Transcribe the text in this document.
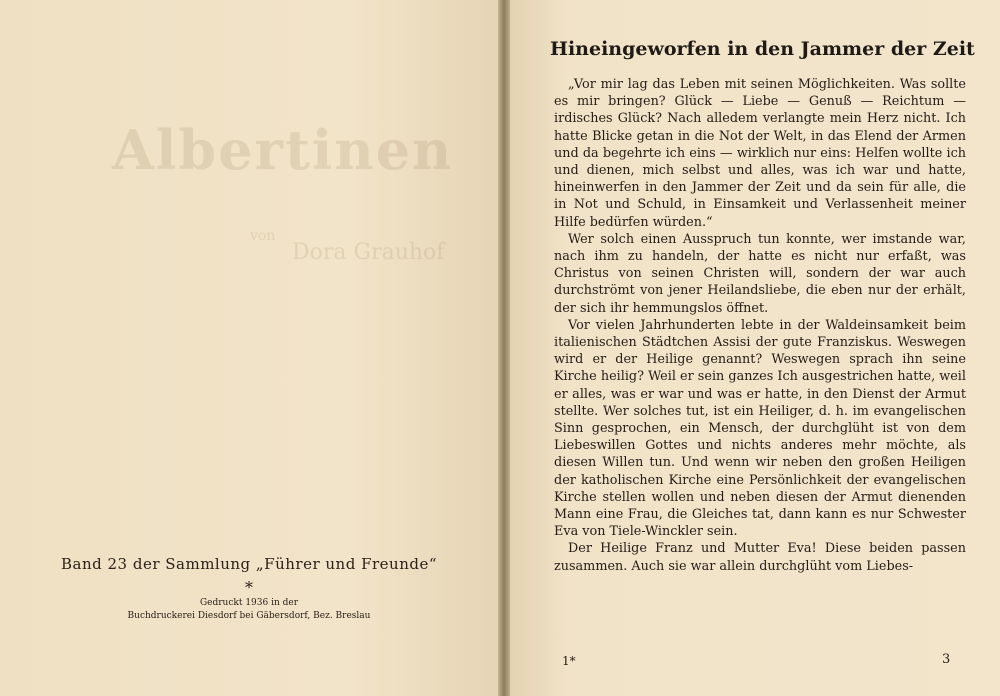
Albertinen
von
Dora Grauhof
Band 23 der Sammlung „Führer und Freunde“
*
Gedruckt 1936 in der
Buchdruckerei Diesdorf bei Gäbersdorf, Bez. Breslau
Hineingeworfen in den Jammer der Zeit

„Vor mir lag das Leben mit seinen Möglichkeiten. Was sollte es mir bringen? Glück — Liebe — Genuß — Reichtum — irdisches Glück? Nach alledem verlangte mein Herz nicht. Ich hatte Blicke getan in die Not der Welt, in das Elend der Armen und da begehrte ich eins — wirklich nur eins: Helfen wollte ich und dienen, mich selbst und alles, was ich war und hatte, hineinwerfen in den Jammer der Zeit und da sein für alle, die in Not und Schuld, in Einsamkeit und Verlassenheit meiner Hilfe bedürfen würden.“

Wer solch einen Ausspruch tun konnte, wer imstande war, nach ihm zu handeln, der hatte es nicht nur erfaßt, was Christus von seinen Christen will, sondern der war auch durchströmt von jener Heilandsliebe, die eben nur der erhält, der sich ihr hemmungslos öffnet.

Vor vielen Jahrhunderten lebte in der Waldeinsamkeit beim italienischen Städtchen Assisi der gute Franziskus. Weswegen wird er der Heilige genannt? Weswegen sprach ihn seine Kirche heilig? Weil er sein ganzes Ich ausgestrichen hatte, weil er alles, was er war und was er hatte, in den Dienst der Armut stellte. Wer solches tut, ist ein Heiliger, d. h. im evangelischen Sinn gesprochen, ein Mensch, der durchglüht ist von dem Liebeswillen Gottes und nichts anderes mehr möchte, als diesen Willen tun. Und wenn wir neben den großen Heiligen der katholischen Kirche eine Persönlichkeit der evangelischen Kirche stellen wollen und neben diesen der Armut dienenden Mann eine Frau, die Gleiches tat, dann kann es nur Schwester Eva von Tiele-Winckler sein.

Der Heilige Franz und Mutter Eva! Diese beiden passen zusammen. Auch sie war allein durchglüht vom Liebes-

1*	3
